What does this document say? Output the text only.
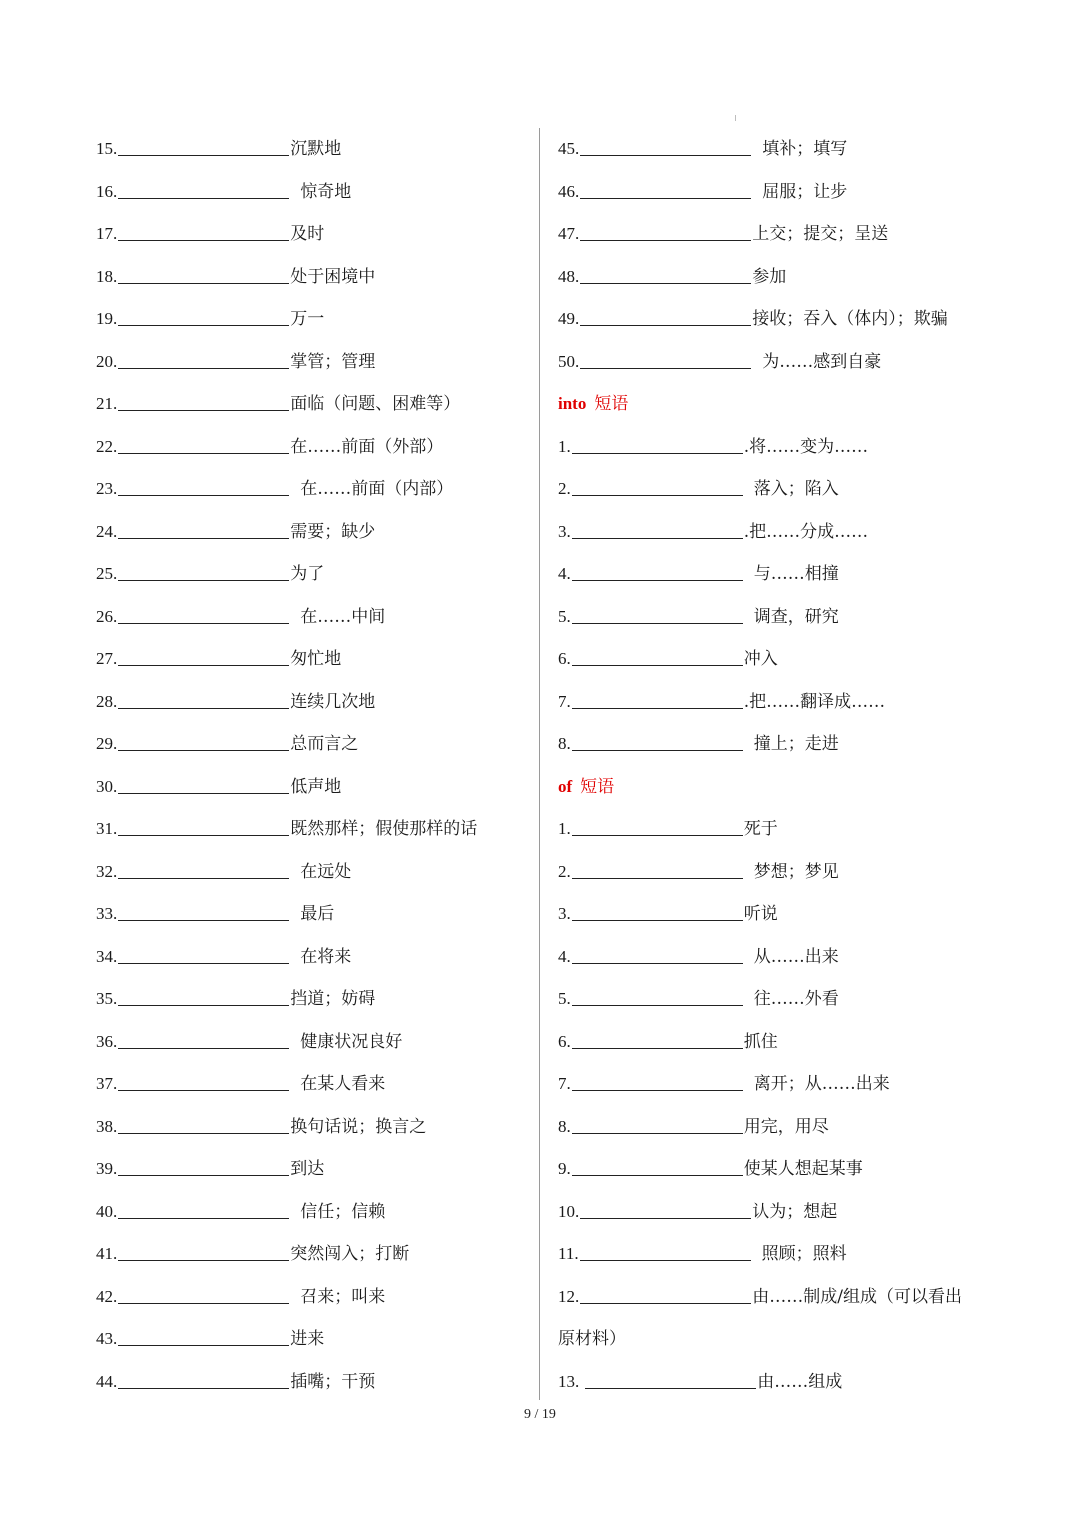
15.	沉默地
16.	惊奇地
17.	及时
18.	处于困境中
19.	万一
20.	掌管；管理
21.	面临（问题、困难等）
22.	在……前面（外部）
23.	在……前面（内部）
24.	需要；缺少
25.	为了
26.	在……中间
27.	匆忙地
28.	连续几次地
29.	总而言之
30.	低声地
31.	既然那样；假使那样的话
32.	在远处
33.	最后
34.	在将来
35.	挡道；妨碍
36.	健康状况良好
37.	在某人看来
38.	换句话说；换言之
39.	到达
40.	信任；信赖
41.	突然闯入；打断
42.	召来；叫来
43.	进来
44.	插嘴；干预
45.	填补；填写
46.	屈服；让步
47.	上交；提交；呈送
48.	参加
49.	接收；吞入（体内）；欺骗
50.	为……感到自豪
into 短语
1.	.将……变为……
2.	落入；陷入
3.	.把……分成……
4.	与……相撞
5.	调查，研究
6.	冲入
7.	.把……翻译成……
8.	撞上；走进
of 短语
1.	死于
2.	梦想；梦见
3.	听说
4.	从……出来
5.	往……外看
6.	抓住
7.	离开；从……出来
8.	用完，用尽
9.	使某人想起某事
10.	认为；想起
11.	照顾；照料
12.	由……制成/组成（可以看出
原材料）
13.	由……组成
9 / 19
